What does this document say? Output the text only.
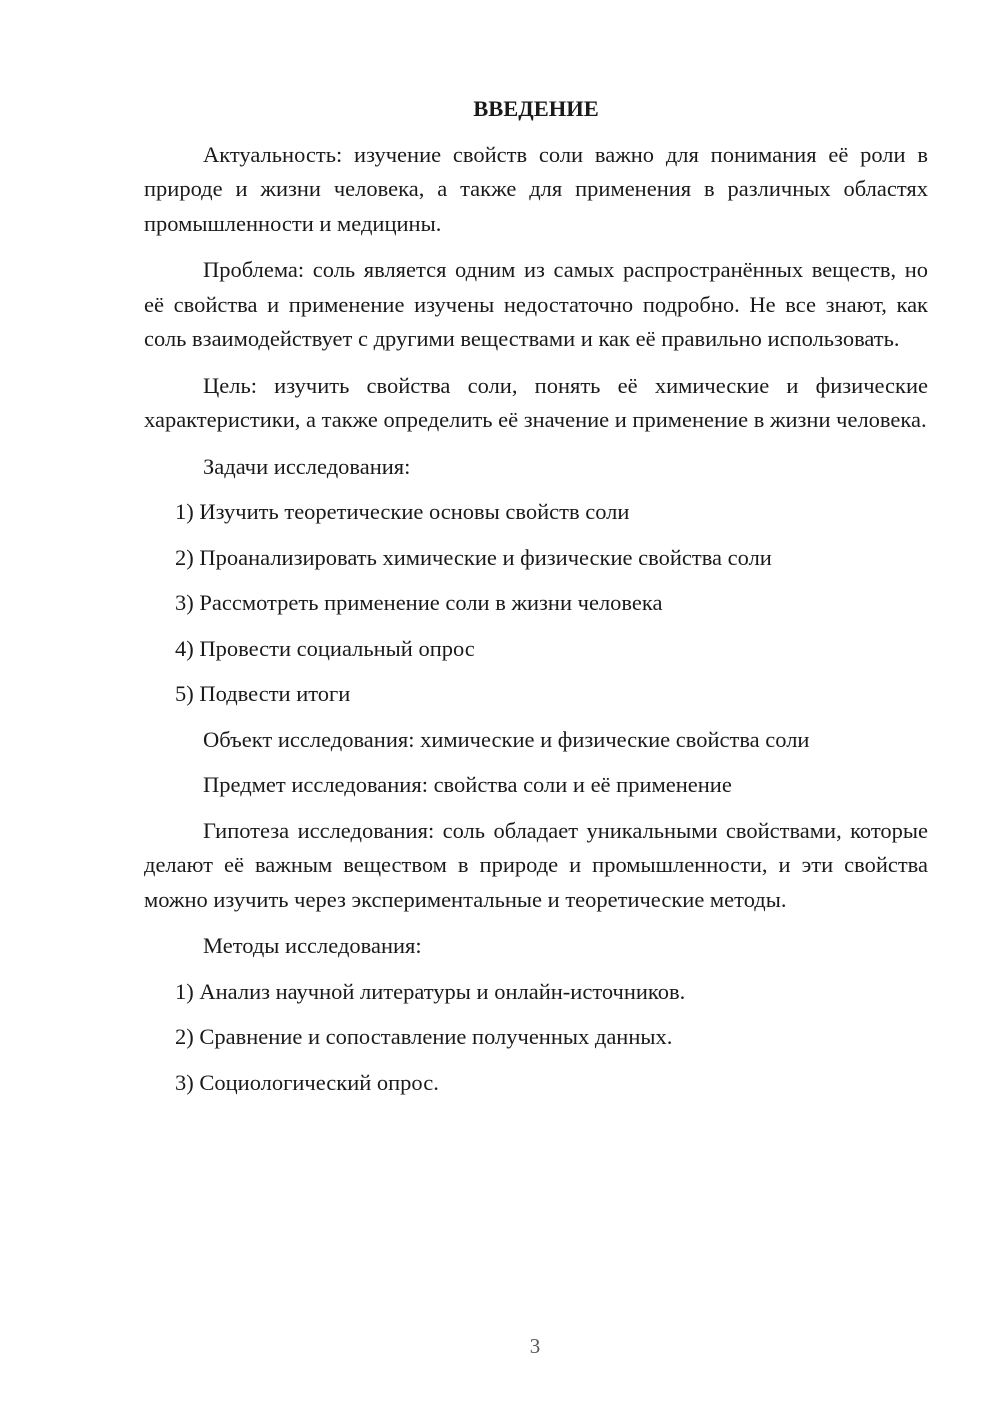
ВВЕДЕНИЕ
Актуальность: изучение свойств соли важно для понимания её роли в природе и жизни человека, а также для применения в различных областях промышленности и медицины.
Проблема: соль является одним из самых распространённых веществ, но её свойства и применение изучены недостаточно подробно. Не все знают, как соль взаимодействует с другими веществами и как её правильно использовать.
Цель: изучить свойства соли, понять её химические и физические характеристики, а также определить её значение и применение в жизни человека.
Задачи исследования:
1) Изучить теоретические основы свойств соли
2) Проанализировать химические и физические свойства соли
3) Рассмотреть применение соли в жизни человека
4) Провести социальный опрос
5) Подвести итоги
Объект исследования: химические и физические свойства соли
Предмет исследования: свойства соли и её применение
Гипотеза исследования: соль обладает уникальными свойствами, которые делают её важным веществом в природе и промышленности, и эти свойства можно изучить через экспериментальные и теоретические методы.
Методы исследования:
1) Анализ научной литературы и онлайн-источников.
2) Сравнение и сопоставление полученных данных.
3) Социологический опрос.
3
